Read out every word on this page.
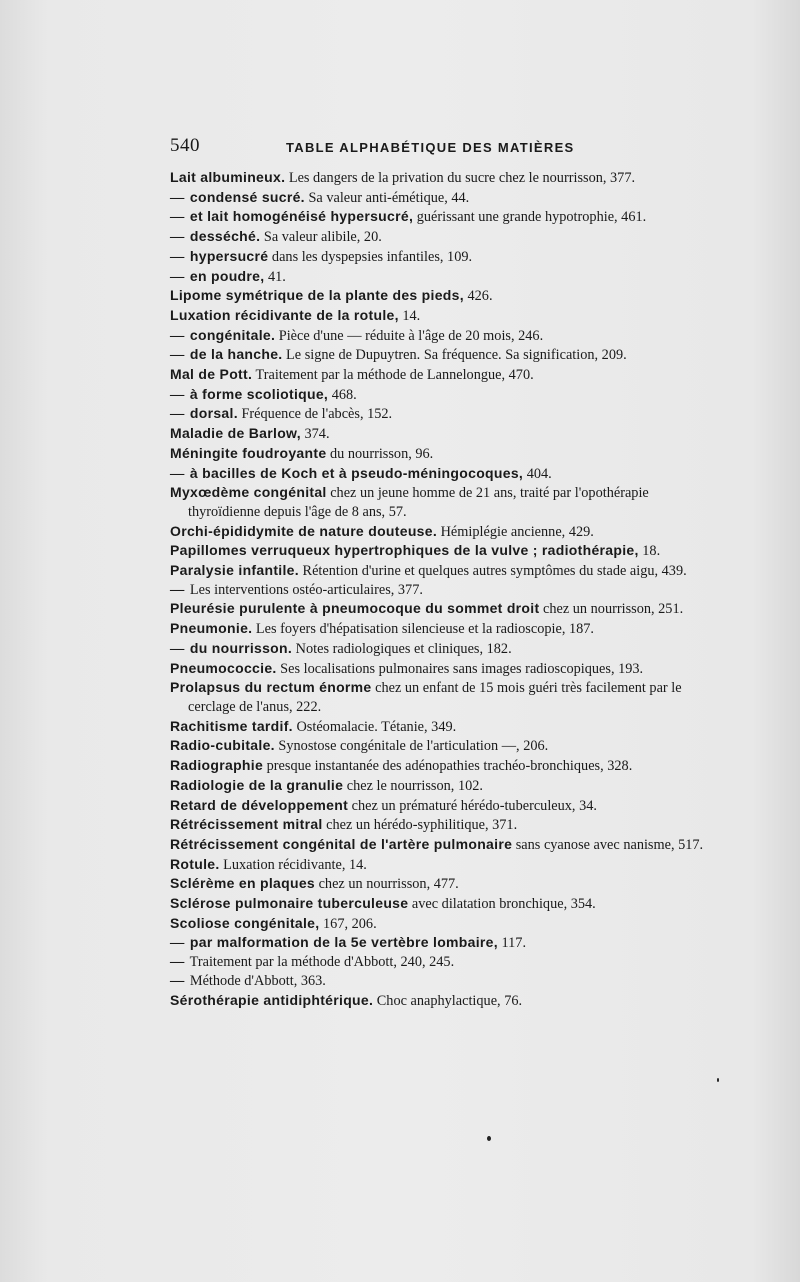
540	TABLE ALPHABÉTIQUE DES MATIÈRES

Lait albumineux. Les dangers de la privation du sucre chez le nourrisson, 377.

— condensé sucré. Sa valeur anti-émétique, 44.

— et lait homogénéisé hypersucré, guérissant une grande hypotrophie, 461.

— desséché. Sa valeur alibile, 20.

— hypersucré dans les dyspepsies infantiles, 109.

— en poudre, 41.

Lipome symétrique de la plante des pieds, 426.

Luxation récidivante de la rotule, 14.

— congénitale. Pièce d'une — réduite à l'âge de 20 mois, 246.

— de la hanche. Le signe de Dupuytren. Sa fréquence. Sa signification, 209.

Mal de Pott. Traitement par la méthode de Lannelongue, 470.

— à forme scoliotique, 468.

— dorsal. Fréquence de l'abcès, 152.

Maladie de Barlow, 374.

Méningite foudroyante du nourrisson, 96.

— à bacilles de Koch et à pseudo-méningocoques, 404.

Myxœdème congénital chez un jeune homme de 21 ans, traité par l'opothérapie thyroïdienne depuis l'âge de 8 ans, 57.

Orchi-épididymite de nature douteuse. Hémiplégie ancienne, 429.

Papillomes verruqueux hypertrophiques de la vulve ; radiothérapie, 18.

Paralysie infantile. Rétention d'urine et quelques autres symptômes du stade aigu, 439.

— Les interventions ostéo-articulaires, 377.

Pleurésie purulente à pneumocoque du sommet droit chez un nourrisson, 251.

Pneumonie. Les foyers d'hépatisation silencieuse et la radioscopie, 187.

— du nourrisson. Notes radiologiques et cliniques, 182.

Pneumococcie. Ses localisations pulmonaires sans images radioscopiques, 193.

Prolapsus du rectum énorme chez un enfant de 15 mois guéri très facilement par le cerclage de l'anus, 222.

Rachitisme tardif. Ostéomalacie. Tétanie, 349.

Radio-cubitale. Synostose congénitale de l'articulation —, 206.

Radiographie presque instantanée des adénopathies trachéo-bronchiques, 328.

Radiologie de la granulie chez le nourrisson, 102.

Retard de développement chez un prématuré hérédo-tuberculeux, 34.

Rétrécissement mitral chez un hérédo-syphilitique, 371.

Rétrécissement congénital de l'artère pulmonaire sans cyanose avec nanisme, 517.

Rotule. Luxation récidivante, 14.

Sclérème en plaques chez un nourrisson, 477.

Sclérose pulmonaire tuberculeuse avec dilatation bronchique, 354.

Scoliose congénitale, 167, 206.

— par malformation de la 5e vertèbre lombaire, 117.

— Traitement par la méthode d'Abbott, 240, 245.

— Méthode d'Abbott, 363.

Sérothérapie antidiphtérique. Choc anaphylactique, 76.
